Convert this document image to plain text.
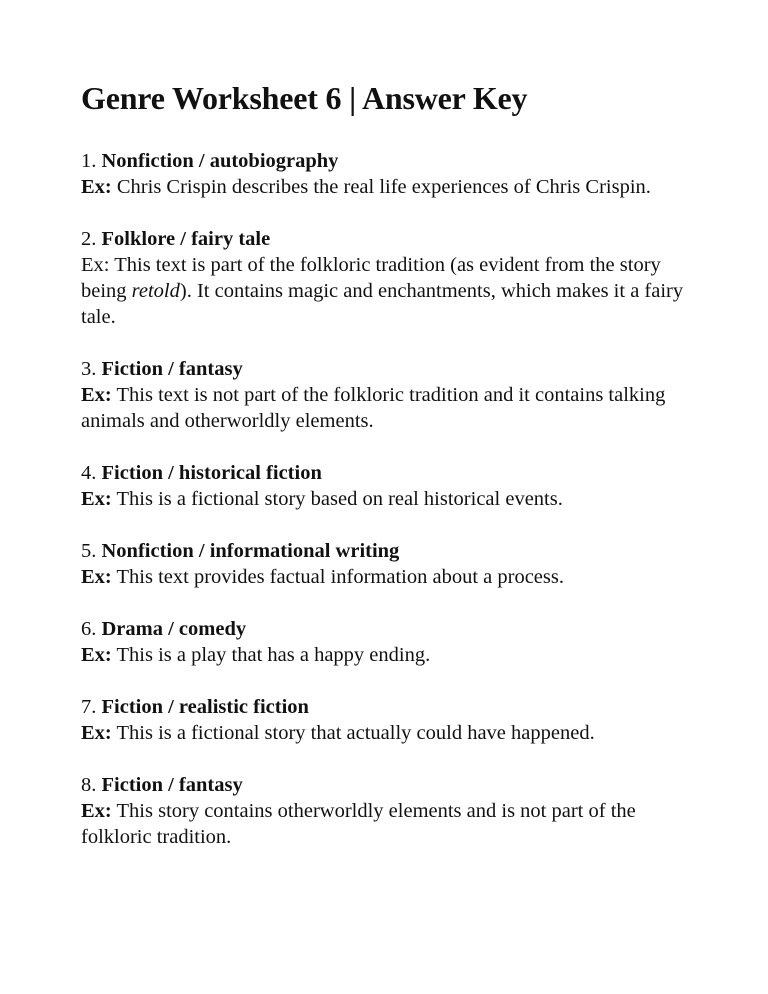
Genre Worksheet 6 | Answer Key
1. Nonfiction / autobiography
Ex: Chris Crispin describes the real life experiences of Chris Crispin.
2. Folklore / fairy tale
Ex: This text is part of the folkloric tradition (as evident from the story being retold). It contains magic and enchantments, which makes it a fairy tale.
3. Fiction / fantasy
Ex: This text is not part of the folkloric tradition and it contains talking animals and otherworldly elements.
4. Fiction / historical fiction
Ex: This is a fictional story based on real historical events.
5. Nonfiction / informational writing
Ex: This text provides factual information about a process.
6. Drama / comedy
Ex: This is a play that has a happy ending.
7. Fiction / realistic fiction
Ex: This is a fictional story that actually could have happened.
8. Fiction / fantasy
Ex: This story contains otherworldly elements and is not part of the folkloric tradition.
